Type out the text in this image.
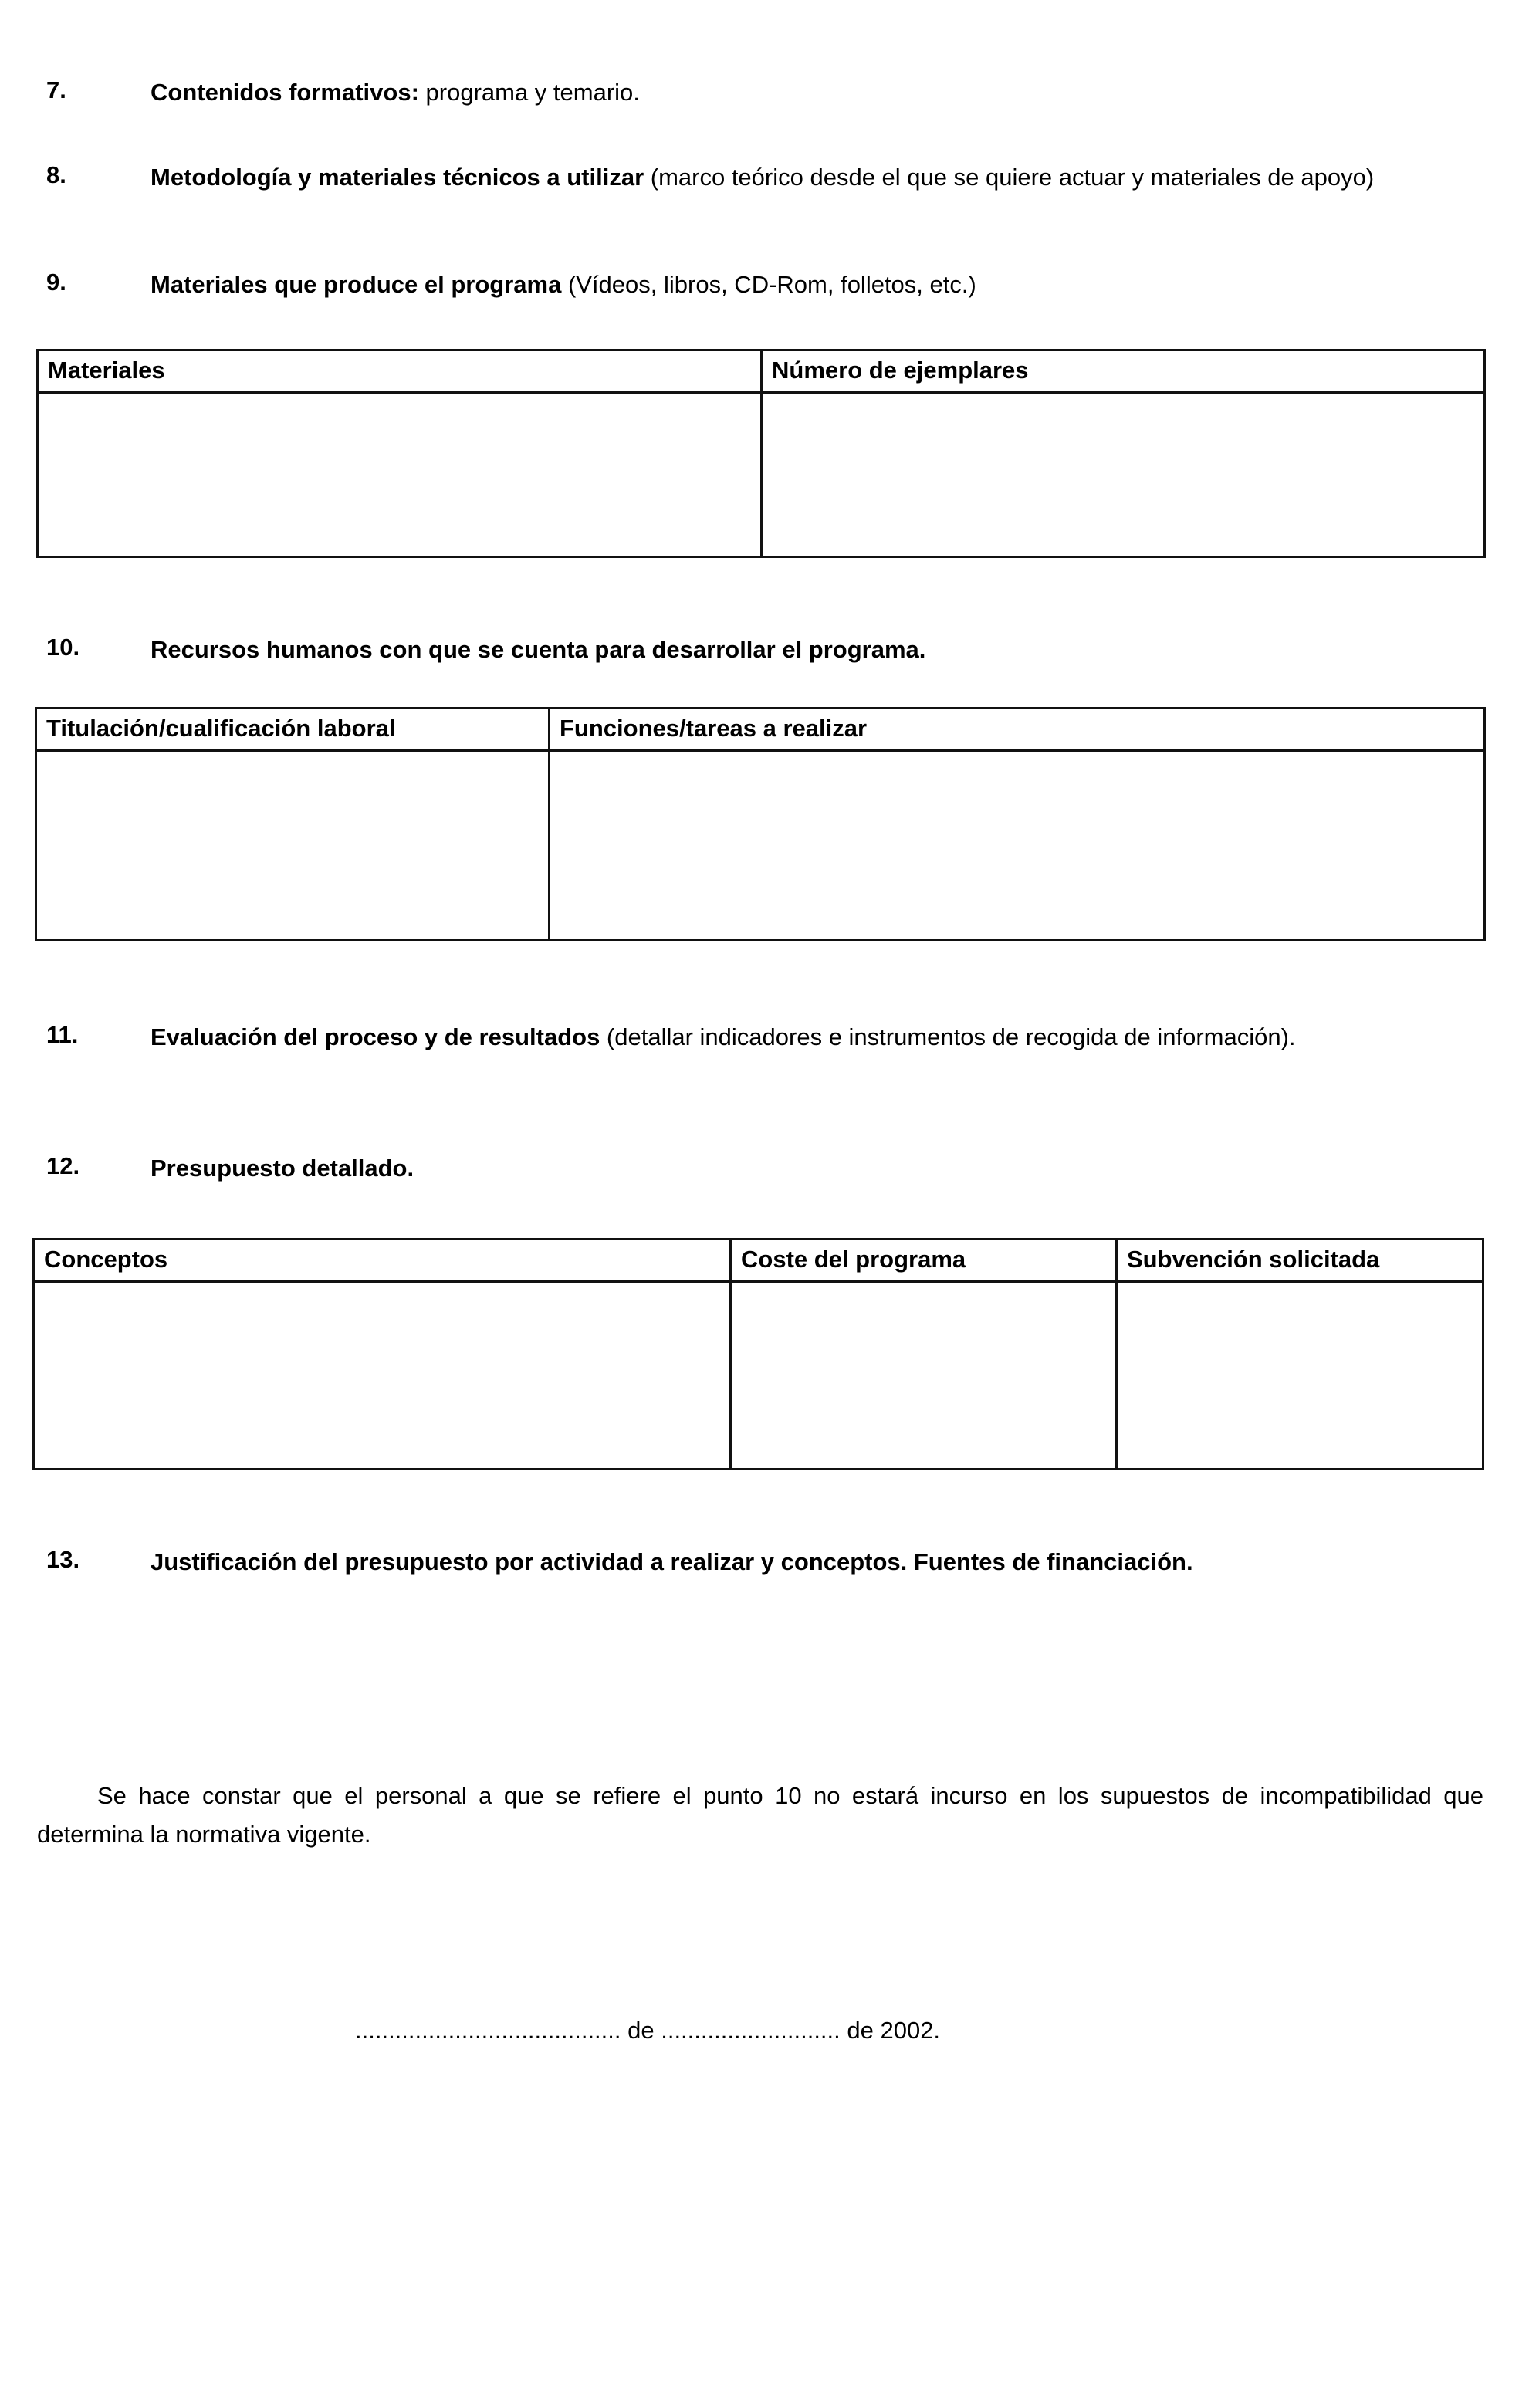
7.	Contenidos formativos: programa y temario.
8.	Metodología y materiales técnicos a utilizar (marco teórico desde el que se quiere actuar y materiales de apoyo)
9.	Materiales que produce el programa (Vídeos, libros, CD-Rom, folletos, etc.)
Materiales	Número de ejemplares

10.	Recursos humanos con que se cuenta para desarrollar el programa.
Titulación/cualificación laboral	Funciones/tareas a realizar

11.	Evaluación del proceso y de resultados (detallar indicadores e instrumentos de recogida de información).
12.	Presupuesto detallado.
Conceptos	Coste del programa	Subvención solicitada

13.	Justificación del presupuesto por actividad a realizar y conceptos. Fuentes de financiación.
Se hace constar que el personal a que se refiere el punto 10 no estará incurso en los supuestos de incompatibilidad que determina la normativa vigente.
........................................ de ........................... de 2002.
